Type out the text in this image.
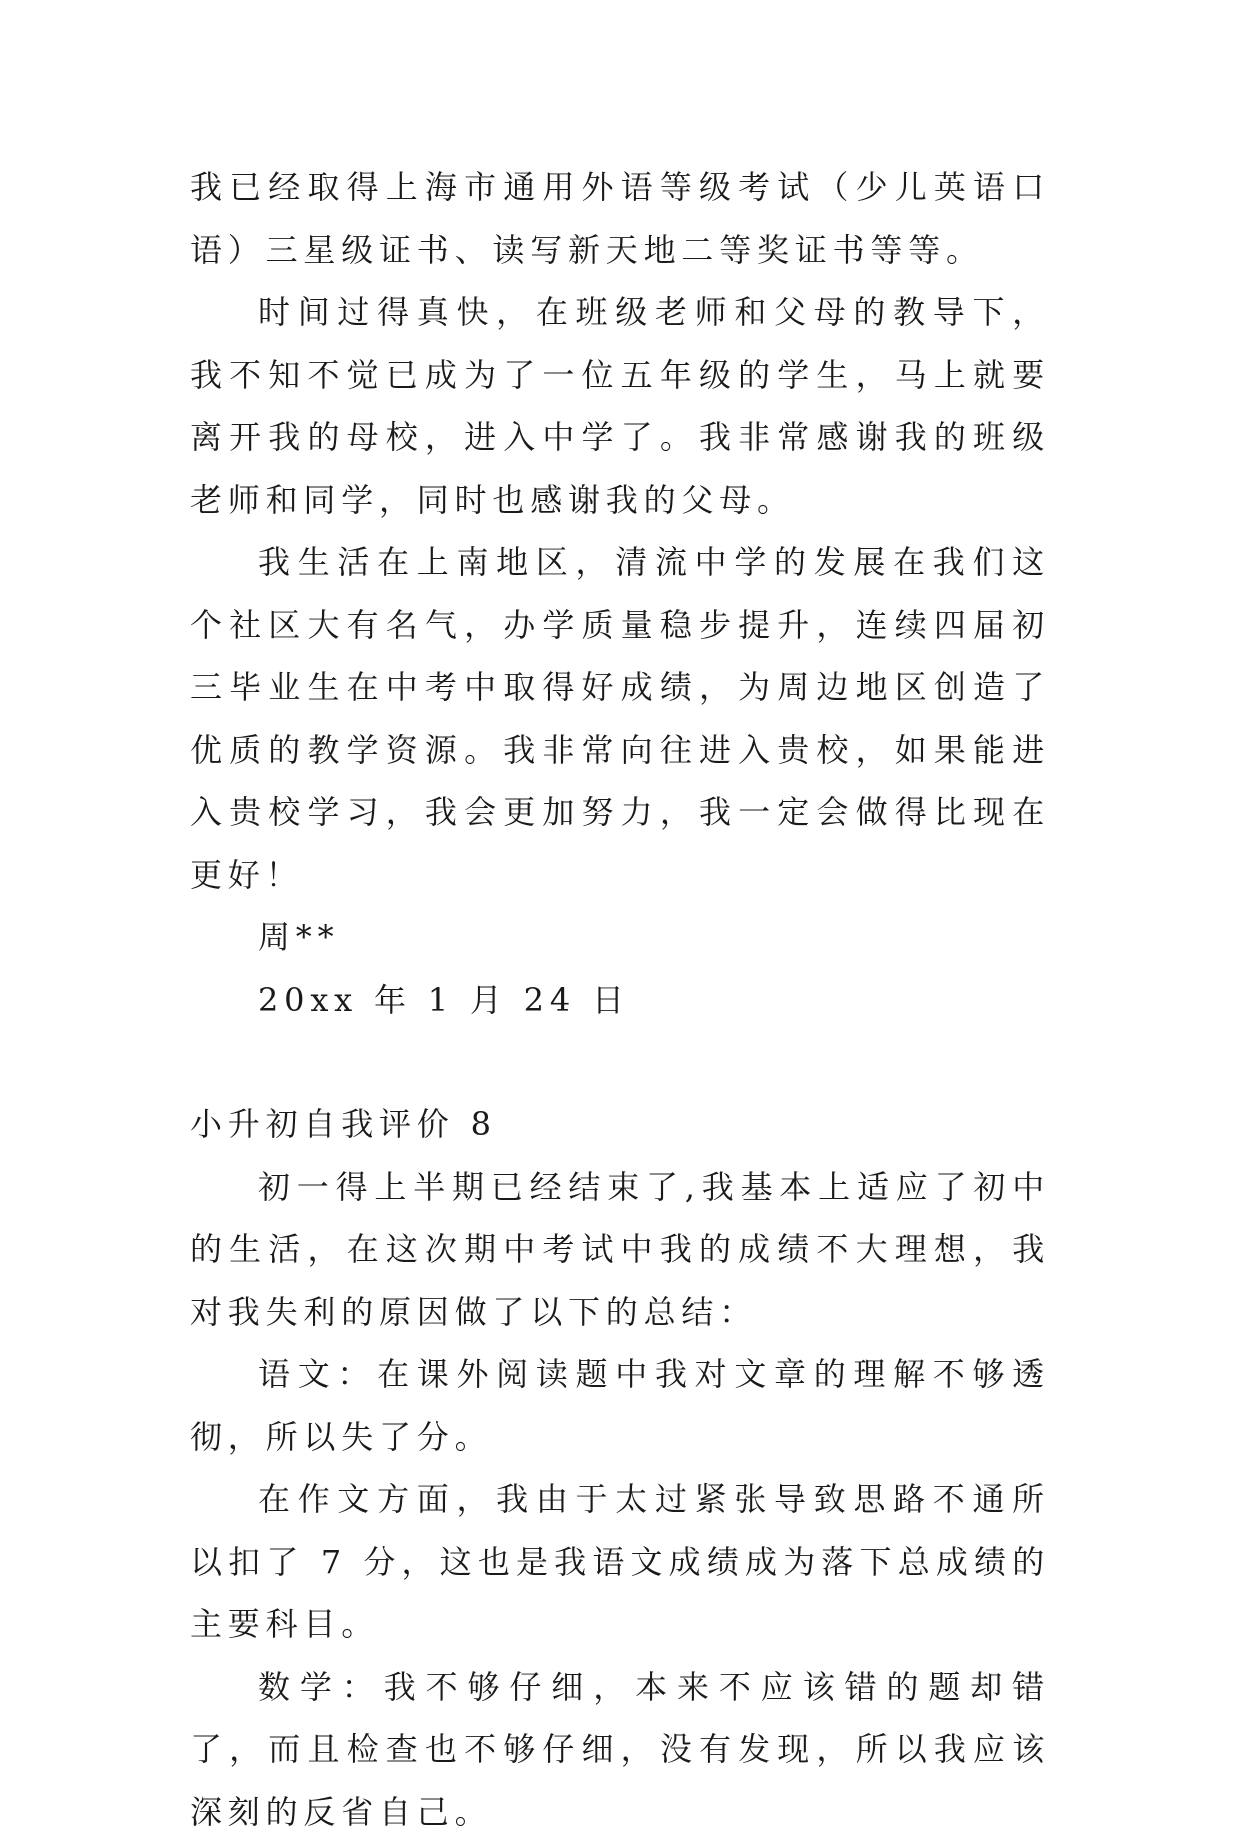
我已经取得上海市通用外语等级考试（少儿英语口语）三星级证书、读写新天地二等奖证书等等。

时间过得真快，在班级老师和父母的教导下，我不知不觉已成为了一位五年级的学生，马上就要离开我的母校，进入中学了。我非常感谢我的班级老师和同学，同时也感谢我的父母。

我生活在上南地区，清流中学的发展在我们这个社区大有名气，办学质量稳步提升，连续四届初三毕业生在中考中取得好成绩，为周边地区创造了优质的教学资源。我非常向往进入贵校，如果能进入贵校学习，我会更加努力，我一定会做得比现在更好！

周**

20xx 年 1 月 24 日

小升初自我评价 8

初一得上半期已经结束了,我基本上适应了初中的生活，在这次期中考试中我的成绩不大理想，我对我失利的原因做了以下的总结：

语文：在课外阅读题中我对文章的理解不够透彻，所以失了分。

在作文方面，我由于太过紧张导致思路不通所以扣了 7 分，这也是我语文成绩成为落下总成绩的主要科目。

数学：我不够仔细，本来不应该错的题却错了，而且检查也不够仔细，没有发现，所以我应该深刻的反省自己。
